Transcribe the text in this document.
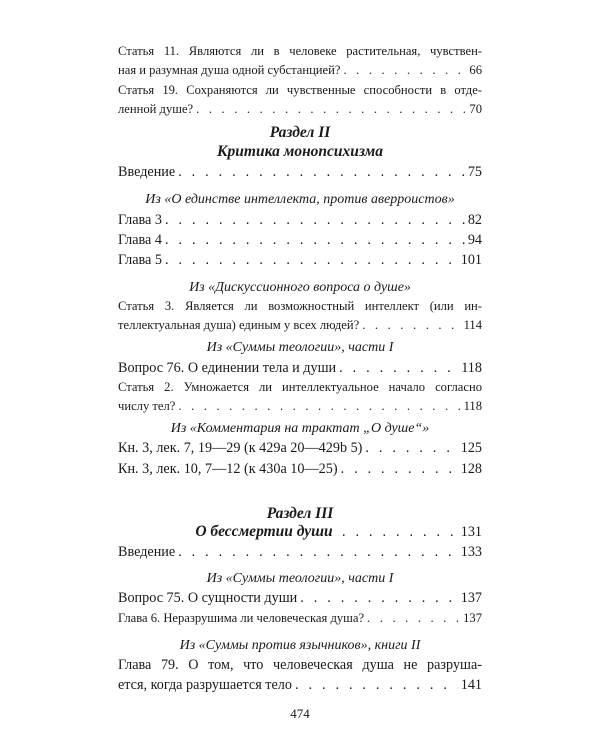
Статья 11. Являются ли в человеке растительная, чувствен-
ная и разумная душа одной субстанцией? . . .	66
Статья 19. Сохраняются ли чувственные способности в отде-
ленной душе? . . .	70
Раздел II
Критика монопсихизма
Введение . . .	75
Из «О единстве интеллекта, против аверроистов»
Глава 3 . . .	82
Глава 4 . . .	94
Глава 5 . . .	101
Из «Дискуссионного вопроса о душе»
Статья 3. Является ли возможностный интеллект (или ин-
теллектуальная душа) единым у всех людей? . . .	114
Из «Суммы теологии», части I
Вопрос 76. О единении тела и души . . .	118
Статья 2. Умножается ли интеллектуальное начало согласно
числу тел? . . .	118
Из «Комментария на трактат „О душе“»
Кн. 3, лек. 7, 19—29 (к 429a 20—429b 5) . . .	125
Кн. 3, лек. 10, 7—12 (к 430a 10—25) . . .	128
Раздел III
О бессмертии души . . . . . . . . . 131
Введение . . .	133
Из «Суммы теологии», части I
Вопрос 75. О сущности души . . .	137
Глава 6. Неразрушима ли человеческая душа? . . .	137
Из «Суммы против язычников», книги II
Глава 79. О том, что человеческая душа не разруша-
ется, когда разрушается тело . . .	141
474
